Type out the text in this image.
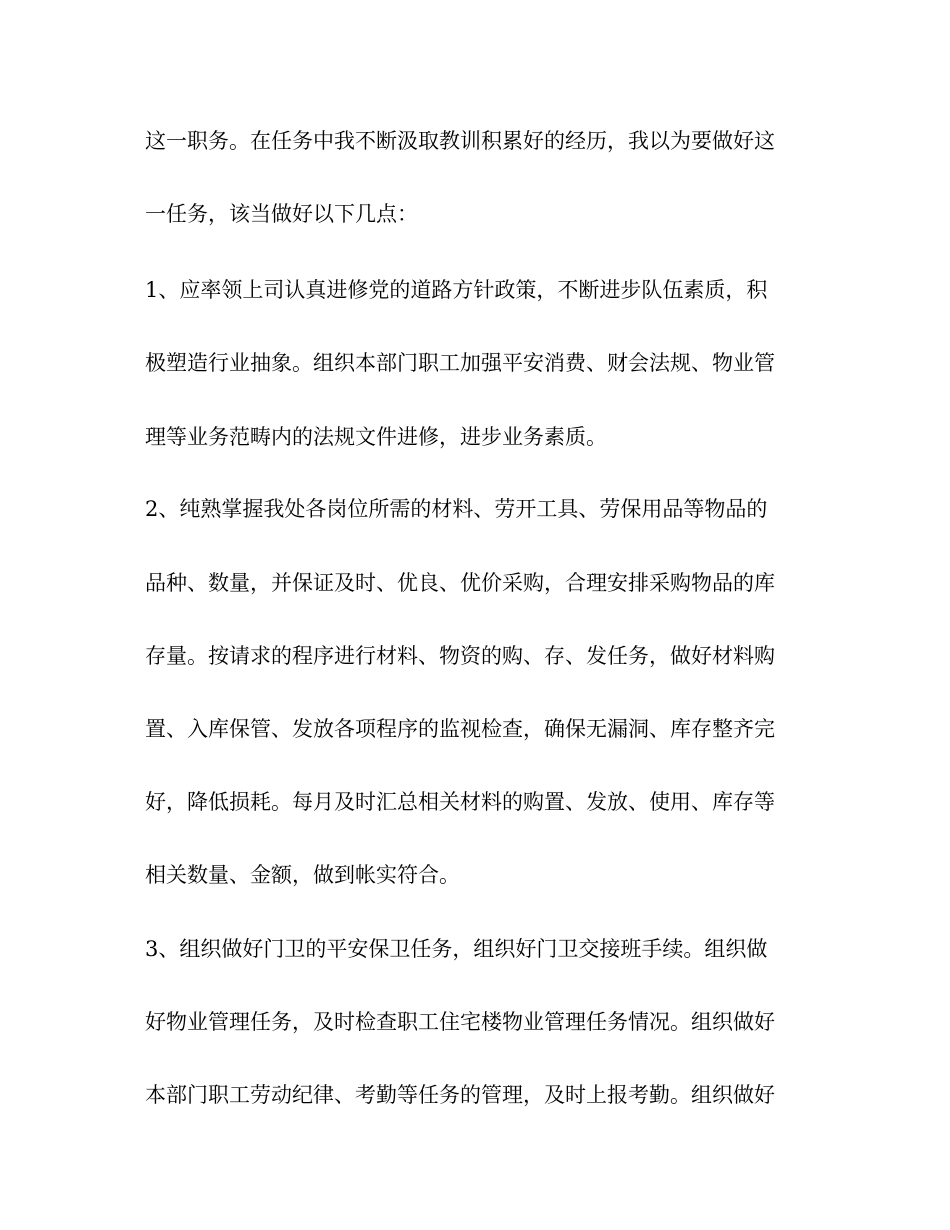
这一职务。在任务中我不断汲取教训积累好的经历，我以为要做好这

一任务，该当做好以下几点：

1、应率领上司认真进修党的道路方针政策，不断进步队伍素质，积

极塑造行业抽象。组织本部门职工加强平安消费、财会法规、物业管

理等业务范畴内的法规文件进修，进步业务素质。

2、纯熟掌握我处各岗位所需的材料、劳开工具、劳保用品等物品的

品种、数量，并保证及时、优良、优价采购，合理安排采购物品的库

存量。按请求的程序进行材料、物资的购、存、发任务，做好材料购

置、入库保管、发放各项程序的监视检查，确保无漏洞、库存整齐完

好，降低损耗。每月及时汇总相关材料的购置、发放、使用、库存等

相关数量、金额，做到帐实符合。

3、组织做好门卫的平安保卫任务，组织好门卫交接班手续。组织做

好物业管理任务，及时检查职工住宅楼物业管理任务情况。组织做好

本部门职工劳动纪律、考勤等任务的管理，及时上报考勤。组织做好
